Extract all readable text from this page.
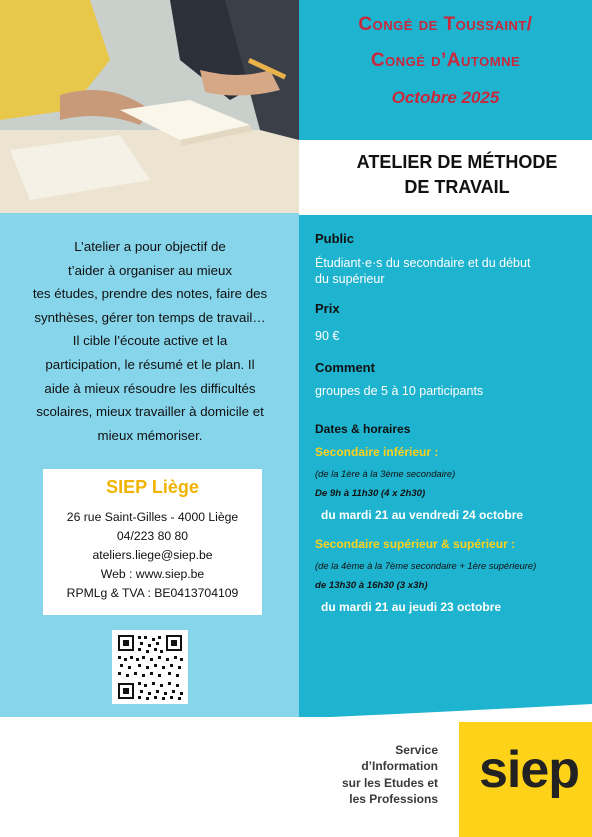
Congé de Toussaint/
Congé d’Automne
Octobre 2025
ATELIER DE MÉTHODE
DE TRAVAIL
L’atelier a pour objectif de
t’aider à organiser au mieux
tes études, prendre des notes, faire des
synthèses, gérer ton temps de travail…
Il cible l’écoute active et la
participation, le résumé et le plan. Il
aide à mieux résoudre les difficultés
scolaires, mieux travailler à domicile et
mieux mémoriser.
SIEP Liège
26 rue Saint-Gilles - 4000 Liège
04/223 80 80
ateliers.liege@siep.be
Web : www.siep.be
RPMLg & TVA : BE0413704109
Public
Étudiant·e·s du secondaire et du début
du supérieur
Prix
90 €
Comment
groupes de 5 à 10 participants
Dates & horaires
Secondaire inférieur :
(de la 1ère à la 3ème secondaire)
De 9h à 11h30 (4 x 2h30)
du mardi 21 au vendredi 24 octobre
Secondaire supérieur & supérieur :
(de la 4ème à la 7ème secondaire + 1ère supérieure)
de 13h30 à 16h30 (3 x3h)
du mardi 21 au jeudi 23 octobre
Service
d’Information
sur les Etudes et
les Professions siep
